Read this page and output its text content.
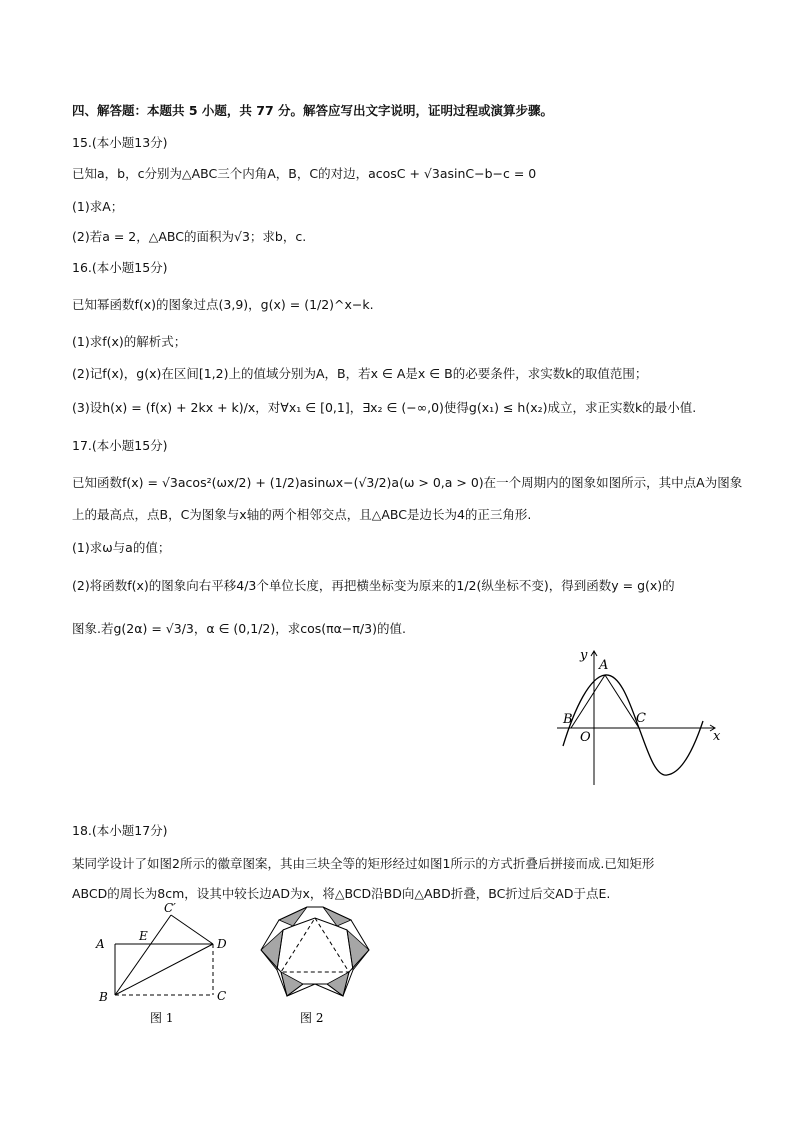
四、解答题：本题共 5 小题，共 77 分。解答应写出文字说明，证明过程或演算步骤。
15.(本小题13分)
已知a，b，c分别为△ABC三个内角A，B，C的对边，acosC + √3asinC−b−c = 0
(1)求A；
(2)若a = 2，△ABC的面积为√3；求b，c.
16.(本小题15分)
已知幂函数f(x)的图象过点(3,9)，g(x) = (1/2)^x−k.
(1)求f(x)的解析式；
(2)记f(x)，g(x)在区间[1,2)上的值域分别为A，B，若x ∈ A是x ∈ B的必要条件，求实数k的取值范围；
(3)设h(x) = (f(x) + 2kx + k)/x，对∀x₁ ∈ [0,1]，∃x₂ ∈ (−∞,0)使得g(x₁) ≤ h(x₂)成立，求正实数k的最小值.
17.(本小题15分)
已知函数f(x) = √3acos²(ωx/2) + (1/2)asinωx−(√3/2)a(ω > 0,a > 0)在一个周期内的图象如图所示，其中点A为图象
上的最高点，点B，C为图象与x轴的两个相邻交点，且△ABC是边长为4的正三角形.
(1)求ω与a的值；
(2)将函数f(x)的图象向右平移4/3个单位长度，再把横坐标变为原来的1/2(纵坐标不变)，得到函数y = g(x)的
图象.若g(2α) = √3/3，α ∈ (0,1/2)，求cos(πα−π/3)的值.
y
A
B	C
O	x
18.(本小题17分)
某同学设计了如图2所示的徽章图案，其由三块全等的矩形经过如图1所示的方式折叠后拼接而成.已知矩形
ABCD的周长为8cm，设其中较长边AD为x，将△BCD沿BD向△ABD折叠，BC折过后交AD于点E.
A
B	C
D
E
C′
图 1	图 2
